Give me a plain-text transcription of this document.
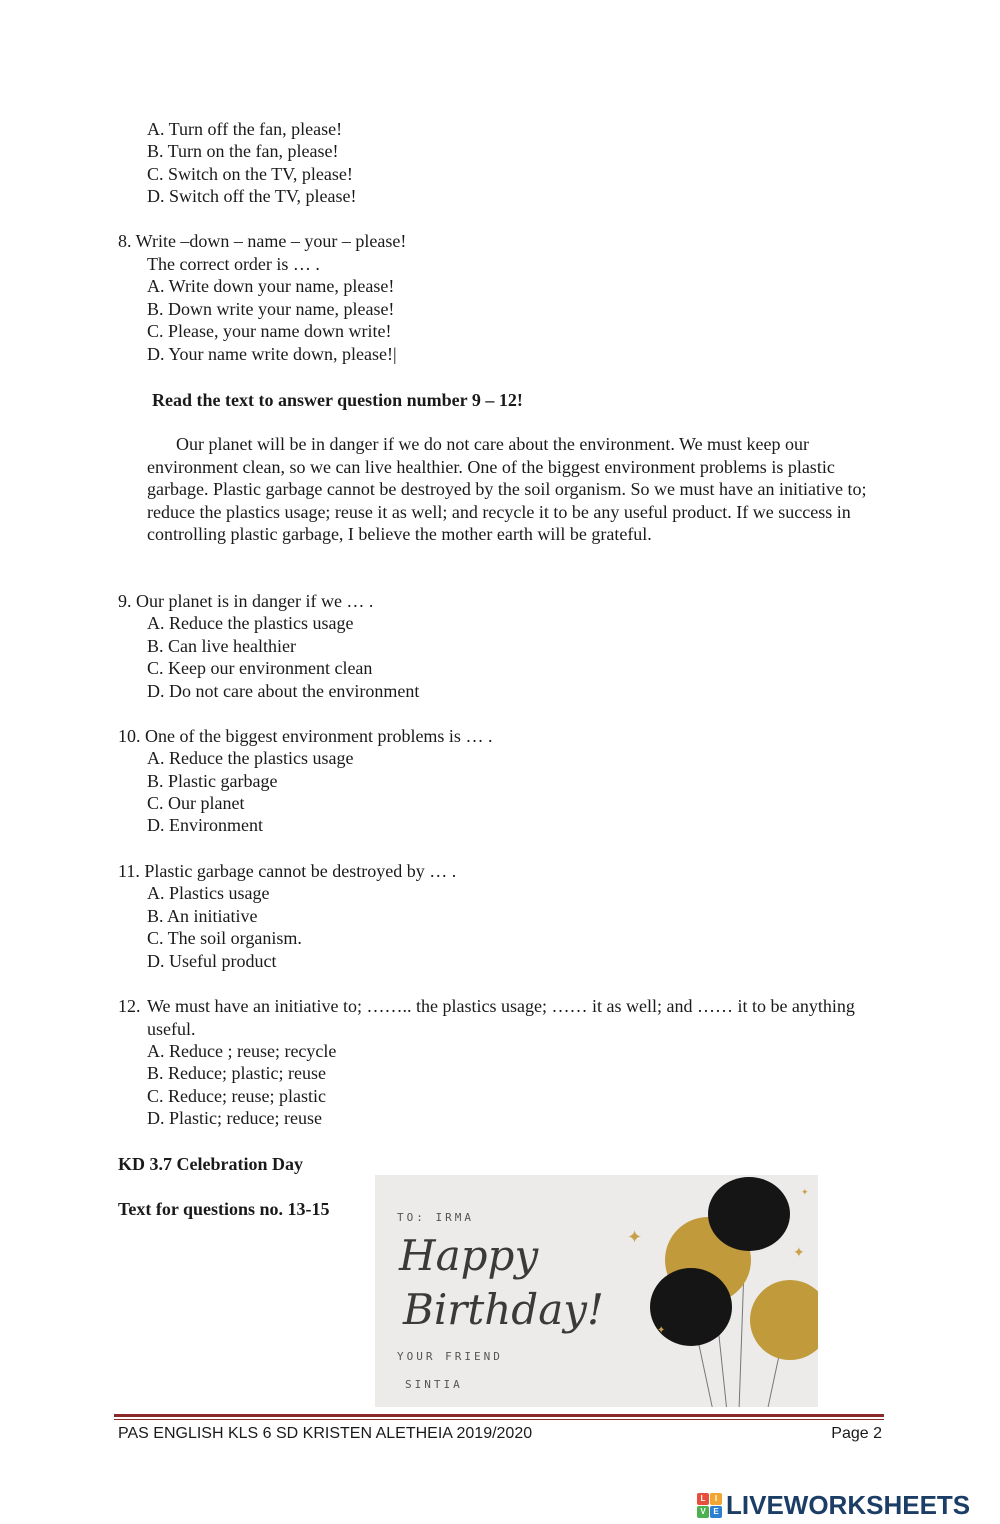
A. Turn off the fan, please!
B. Turn on the fan, please!
C. Switch on the TV, please!
D. Switch off the TV, please!
8. Write –down – name – your – please!
The correct order is … .
A. Write down your name, please!
B. Down write your name, please!
C. Please, your name down write!
D. Your name write down, please!|
Read the text to answer question number 9 – 12!
Our planet will be in danger if we do not care about the environment. We must keep our environment clean, so we can live healthier. One of the biggest environment problems is plastic garbage. Plastic garbage cannot be destroyed by the soil organism. So we must have an initiative to; reduce the plastics usage; reuse it as well; and recycle it to be any useful product. If we success in controlling plastic garbage, I believe the mother earth will be grateful.
9. Our planet is in danger if we … .
A. Reduce the plastics usage
B. Can live healthier
C. Keep our environment clean
D. Do not care about the environment
10. One of the biggest environment problems is … .
A. Reduce the plastics usage
B. Plastic garbage
C. Our planet
D. Environment
11. Plastic garbage cannot be destroyed by … .
A. Plastics usage
B. An initiative
C. The soil organism.
D. Useful product
12. We must have an initiative to; …….. the plastics usage; …… it as well; and …… it to be anything useful.
A. Reduce ; reuse; recycle
B. Reduce; plastic; reuse
C. Reduce; reuse; plastic
D. Plastic; reduce; reuse
KD 3.7 Celebration Day
Text for questions no. 13-15	TO: IRMA
Happy
Birthday!
YOUR FRIEND
SINTIA
✦
✦
✦
✦
PAS ENGLISH KLS 6 SD KRISTEN ALETHEIA 2019/2020	Page 2
L	I
V E LIVEWORKSHEETS
